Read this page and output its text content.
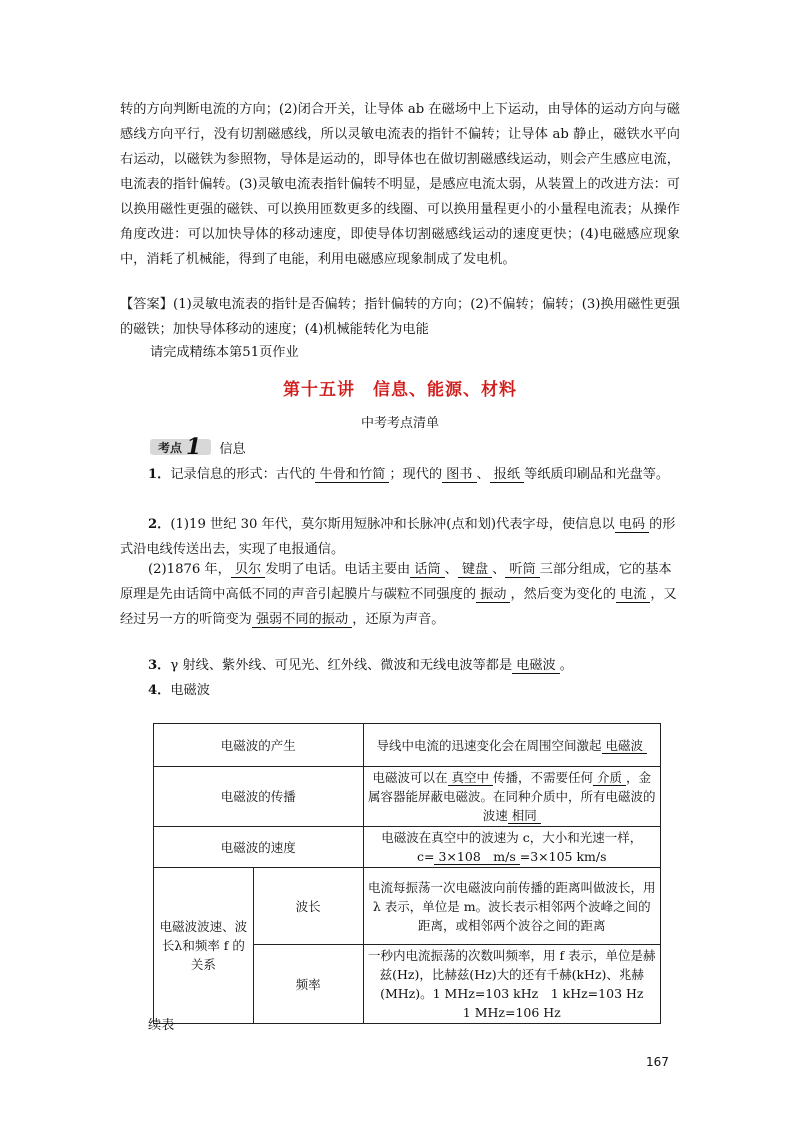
转的方向判断电流的方向；(2)闭合开关，让导体 ab 在磁场中上下运动，由导体的运动方向与磁感线方向平行，没有切割磁感线，所以灵敏电流表的指针不偏转；让导体 ab 静止，磁铁水平向右运动，以磁铁为参照物，导体是运动的，即导体也在做切割磁感线运动，则会产生感应电流，电流表的指针偏转。(3)灵敏电流表指针偏转不明显，是感应电流太弱，从装置上的改进方法：可以换用磁性更强的磁铁、可以换用匝数更多的线圈、可以换用量程更小的小量程电流表；从操作角度改进：可以加快导体的移动速度，即使导体切割磁感线运动的速度更快；(4)电磁感应现象中，消耗了机械能，得到了电能，利用电磁感应现象制成了发电机。
【答案】(1)灵敏电流表的指针是否偏转；指针偏转的方向；(2)不偏转；偏转；(3)换用磁性更强的磁铁；加快导体移动的速度；(4)机械能转化为电能
请完成精练本第51页作业
第十五讲　信息、能源、材料
中考考点清单
考点 1 信息
1．记录信息的形式：古代的 牛骨和竹简 ；现代的 图书 、 报纸 等纸质印刷品和光盘等。
2．(1)19 世纪 30 年代，莫尔斯用短脉冲和长脉冲(点和划)代表字母，使信息以 电码 的形式沿电线传送出去，实现了电报通信。
(2)1876 年， 贝尔 发明了电话。电话主要由 话筒 、 键盘 、 听筒 三部分组成，它的基本原理是先由话筒中高低不同的声音引起膜片与碳粒不同强度的 振动 ，然后变为变化的 电流 ，又经过另一方的听筒变为 强弱不同的振动 ，还原为声音。
3．γ 射线、紫外线、可见光、红外线、微波和无线电波等都是 电磁波 。
4．电磁波
电磁波的产生		导线中电流的迅速变化会在周围空间激起 电磁波
电磁波的传播		电磁波可以在 真空中 传播，不需要任何 介质 ，金属容器能屏蔽电磁波。在同种介质中，所有电磁波的波速 相同
电磁波的速度		电磁波在真空中的波速为 c，大小和光速一样，c= 3×108　m/s =3×105 km/s
电磁波波速、波长λ和频率 f 的关系	波长	电流每振荡一次电磁波向前传播的距离叫做波长，用 λ 表示，单位是 m。波长表示相邻两个波峰之间的距离，或相邻两个波谷之间的距离
	频率	一秒内电流振荡的次数叫频率，用 f 表示，单位是赫兹(Hz)，比赫兹(Hz)大的还有千赫(kHz)、兆赫(MHz)。1 MHz=103 kHz　1 kHz=103 Hz　　1 MHz=106 Hz
续表
167
